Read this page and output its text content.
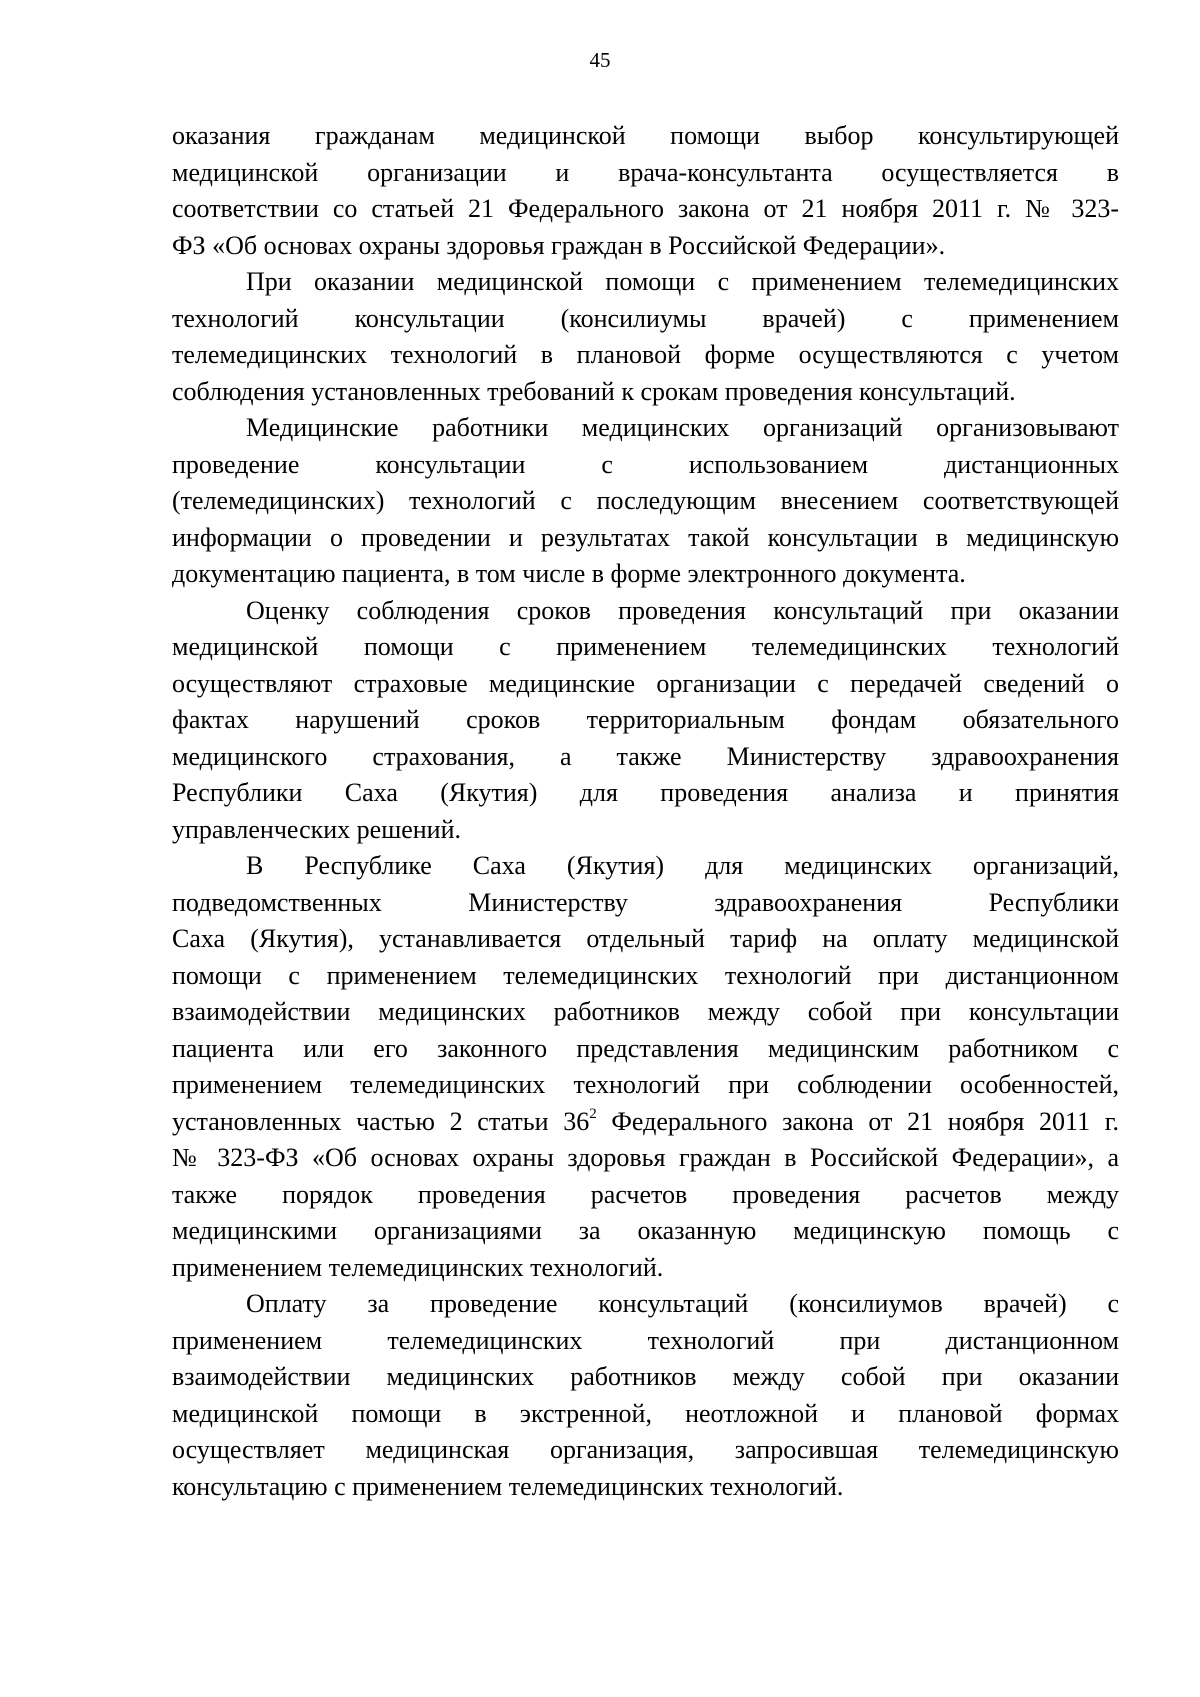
45

оказания гражданам медицинской помощи выбор консультирующей
медицинской организации и врача-консультанта осуществляется в
соответствии со статьей 21 Федерального закона от 21 ноября 2011 г. № 323-
ФЗ «Об основах охраны здоровья граждан в Российской Федерации».

При оказании медицинской помощи с применением телемедицинских
технологий консультации (консилиумы врачей) с применением
телемедицинских технологий в плановой форме осуществляются с учетом
соблюдения установленных требований к срокам проведения консультаций.

Медицинские работники медицинских организаций организовывают
проведение консультации с использованием дистанционных
(телемедицинских) технологий с последующим внесением соответствующей
информации о проведении и результатах такой консультации в медицинскую
документацию пациента, в том числе в форме электронного документа.

Оценку соблюдения сроков проведения консультаций при оказании
медицинской помощи с применением телемедицинских технологий
осуществляют страховые медицинские организации с передачей сведений о
фактах нарушений сроков территориальным фондам обязательного
медицинского страхования, а также Министерству здравоохранения
Республики Саха (Якутия) для проведения анализа и принятия
управленческих решений.

В Республике Саха (Якутия) для медицинских организаций,
подведомственных Министерству здравоохранения Республики
Саха (Якутия), устанавливается отдельный тариф на оплату медицинской
помощи с применением телемедицинских технологий при дистанционном
взаимодействии медицинских работников между собой при консультации
пациента или его законного представления медицинским работником с
применением телемедицинских технологий при соблюдении особенностей,
установленных частью 2 статьи $36^2$ Федерального закона от 21 ноября 2011 г.
№ 323-ФЗ «Об основах охраны здоровья граждан в Российской Федерации», а
также порядок проведения расчетов проведения расчетов между
медицинскими организациями за оказанную медицинскую помощь с
применением телемедицинских технологий.

Оплату за проведение консультаций (консилиумов врачей) с
применением телемедицинских технологий при дистанционном
взаимодействии медицинских работников между собой при оказании
медицинской помощи в экстренной, неотложной и плановой формах
осуществляет медицинская организация, запросившая телемедицинскую
консультацию с применением телемедицинских технологий.
